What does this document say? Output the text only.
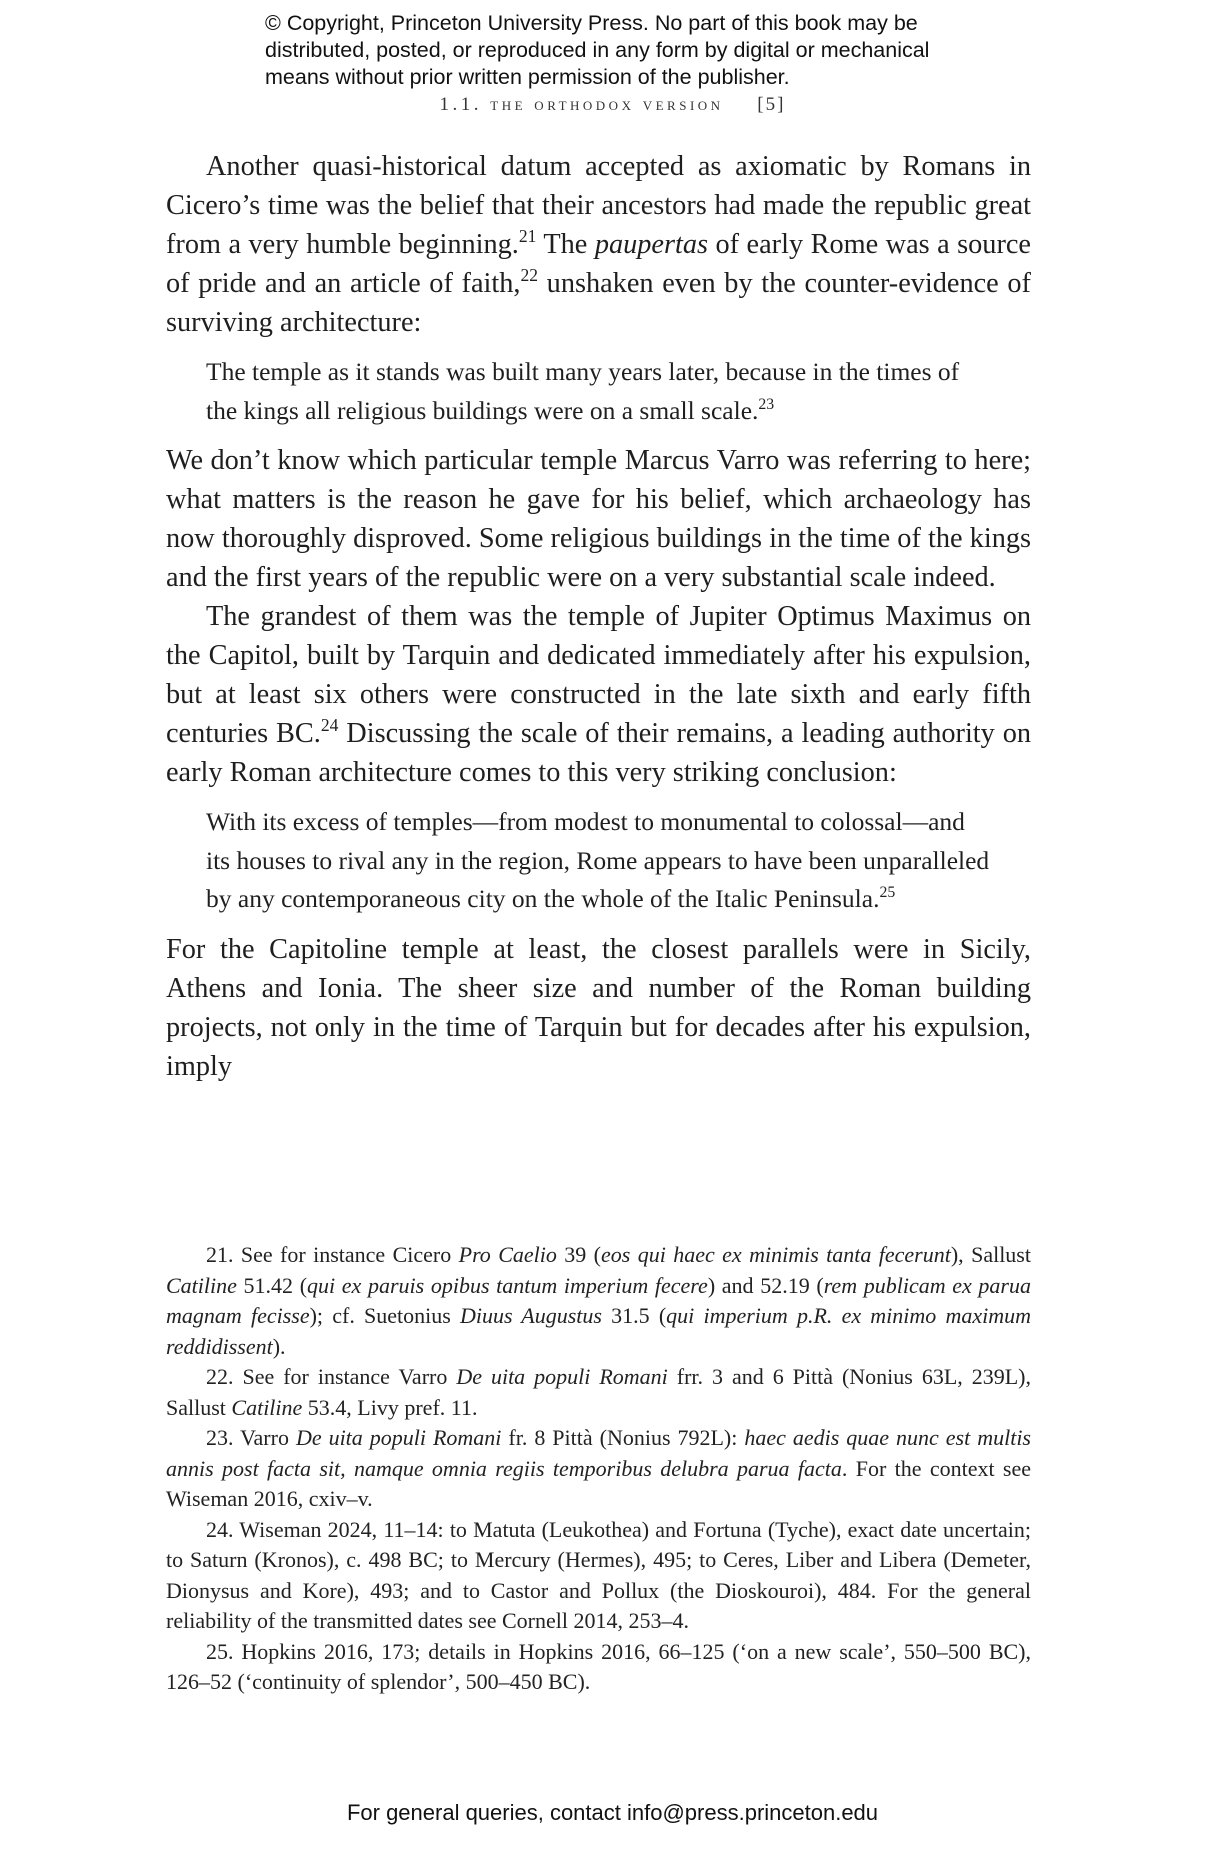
© Copyright, Princeton University Press. No part of this book may be
distributed, posted, or reproduced in any form by digital or mechanical
means without prior written permission of the publisher.
1.1. the orthodox version [5]

Another quasi-historical datum accepted as axiomatic by Romans in Cicero’s time was the belief that their ancestors had made the republic great from a very humble beginning.$^{21}$ The paupertas of early Rome was a source of pride and an article of faith,$^{22}$ unshaken even by the counter-evidence of surviving architecture:

The temple as it stands was built many years later, because in the times of the kings all religious buildings were on a small scale.$^{23}$

We don’t know which particular temple Marcus Varro was referring to here; what matters is the reason he gave for his belief, which archaeology has now thoroughly disproved. Some religious buildings in the time of the kings and the first years of the republic were on a very substantial scale indeed.

The grandest of them was the temple of Jupiter Optimus Maximus on the Capitol, built by Tarquin and dedicated immediately after his expulsion, but at least six others were constructed in the late sixth and early fifth centuries BC.$^{24}$ Discussing the scale of their remains, a leading authority on early Roman architecture comes to this very striking conclusion:

With its excess of temples—from modest to monumental to colossal—and its houses to rival any in the region, Rome appears to have been unparalleled by any contemporaneous city on the whole of the Italic Peninsula.$^{25}$

For the Capitoline temple at least, the closest parallels were in Sicily, Athens and Ionia. The sheer size and number of the Roman building projects, not only in the time of Tarquin but for decades after his expulsion, imply

21. See for instance Cicero Pro Caelio 39 (eos qui haec ex minimis tanta fecerunt), Sallust Catiline 51.42 (qui ex paruis opibus tantum imperium fecere) and 52.19 (rem publicam ex parua magnam fecisse); cf. Suetonius Diuus Augustus 31.5 (qui imperium p.R. ex minimo maximum reddidissent).

22. See for instance Varro De uita populi Romani frr. 3 and 6 Pittà (Nonius 63L, 239L), Sallust Catiline 53.4, Livy pref. 11.

23. Varro De uita populi Romani fr. 8 Pittà (Nonius 792L): haec aedis quae nunc est multis annis post facta sit, namque omnia regiis temporibus delubra parua facta. For the context see Wiseman 2016, cxiv–v.

24. Wiseman 2024, 11–14: to Matuta (Leukothea) and Fortuna (Tyche), exact date uncertain; to Saturn (Kronos), c. 498 BC; to Mercury (Hermes), 495; to Ceres, Liber and Libera (Demeter, Dionysus and Kore), 493; and to Castor and Pollux (the Dioskouroi), 484. For the general reliability of the transmitted dates see Cornell 2014, 253–4.

25. Hopkins 2016, 173; details in Hopkins 2016, 66–125 (‘on a new scale’, 550–500 BC), 126–52 (‘continuity of splendor’, 500–450 BC).

For general queries, contact info@press.princeton.edu
